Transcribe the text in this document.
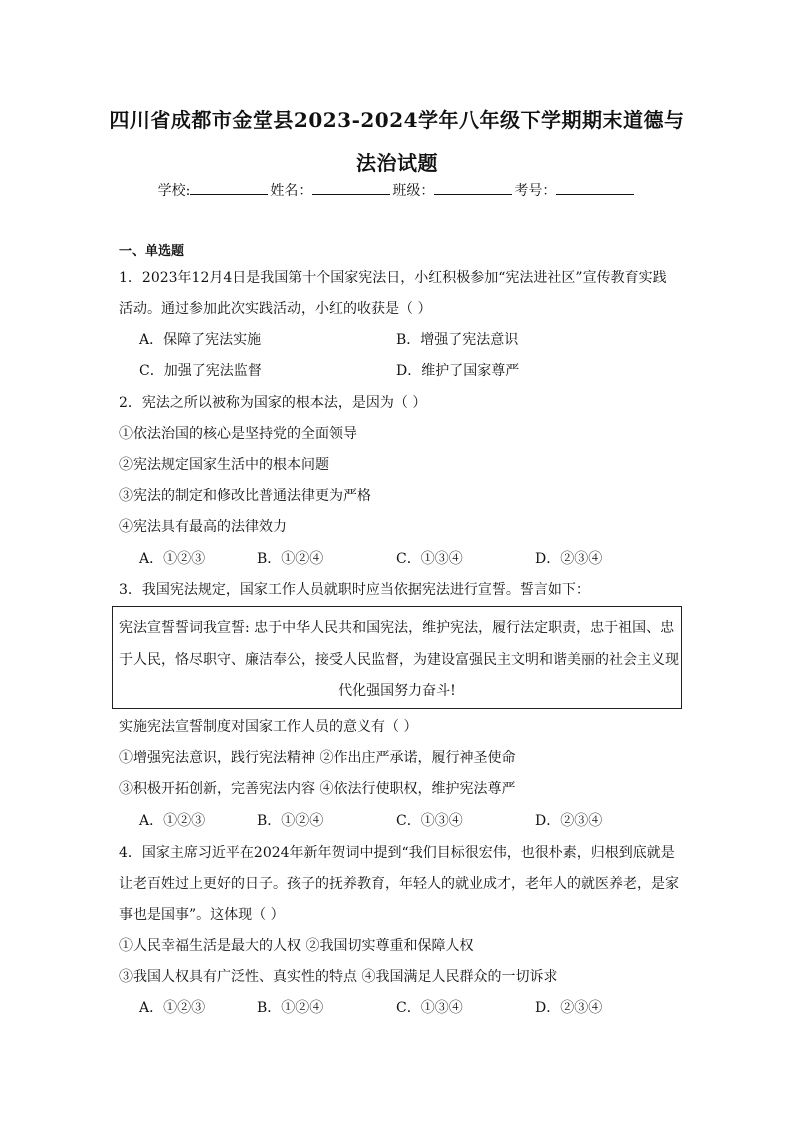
四川省成都市金堂县2023-2024学年八年级下学期期末道德与
法治试题
学校:	姓名：	班级：	考号：
一、单选题
1．2023年12月4日是我国第十个国家宪法日，小红积极参加“宪法进社区”宣传教育实践
活动。通过参加此次实践活动，小红的收获是（ ）
A．保障了宪法实施	B．增强了宪法意识
C．加强了宪法监督	D．维护了国家尊严
2．宪法之所以被称为国家的根本法，是因为（ ）
①依法治国的核心是坚持党的全面领导
②宪法规定国家生活中的根本问题
③宪法的制定和修改比普通法律更为严格
④宪法具有最高的法律效力
A．①②③	B．①②④	C．①③④	D．②③④
3．我国宪法规定，国家工作人员就职时应当依据宪法进行宣誓。誓言如下：
宪法宣誓誓词我宣誓: 忠于中华人民共和国宪法，维护宪法，履行法定职责，忠于祖国、忠
于人民，恪尽职守、廉洁奉公，接受人民监督，为建设富强民主文明和谐美丽的社会主义现
代化强国努力奋斗!
实施宪法宣誓制度对国家工作人员的意义有（ ）
①增强宪法意识，践行宪法精神 ②作出庄严承诺，履行神圣使命
③积极开拓创新，完善宪法内容 ④依法行使职权，维护宪法尊严
A．①②③	B．①②④	C．①③④	D．②③④
4．国家主席习近平在2024年新年贺词中提到“我们目标很宏伟，也很朴素，归根到底就是
让老百姓过上更好的日子。孩子的抚养教育，年轻人的就业成才，老年人的就医养老，是家
事也是国事”。这体现（ ）
①人民幸福生活是最大的人权 ②我国切实尊重和保障人权
③我国人权具有广泛性、真实性的特点 ④我国满足人民群众的一切诉求
A．①②③	B．①②④	C．①③④	D．②③④
